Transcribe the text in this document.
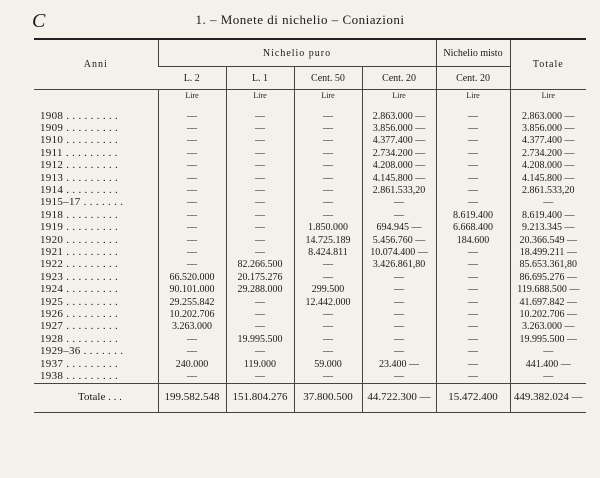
C	1. – Monete di nichelio – Coniazioni
Anni	Nichelio puro				Nichelio misto	Totale
	L. 2	L. 1	Cent. 50	Cent. 20	Cent. 20	
	Lire	Lire	Lire	Lire	Lire	Lire

1908 . . . . . . . . .	—	—	—	2.863.000 —	—	2.863.000 —
1909 . . . . . . . . .	—	—	—	3.856.000 —	—	3.856.000 —
1910 . . . . . . . . .	—	—	—	4.377.400 —	—	4.377.400 —
1911 . . . . . . . . .	—	—	—	2.734.200 —	—	2.734.200 —
1912 . . . . . . . . .	—	—	—	4.208.000 —	—	4.208.000 —
1913 . . . . . . . . .	—	—	—	4.145.800 —	—	4.145.800 —
1914 . . . . . . . . .	—	—	—	2.861.533,20	—	2.861.533,20
1915–17 . . . . . . .	—	—	—	—	—	—
1918 . . . . . . . . .	—	—	—	—	8.619.400	8.619.400 —
1919 . . . . . . . . .	—	—	1.850.000	694.945 —	6.668.400	9.213.345 —
1920 . . . . . . . . .	—	—	14.725.189	5.456.760 —	184.600	20.366.549 —
1921 . . . . . . . . .	—	—	8.424.811	10.074.400 —	—	18.499.211 —
1922 . . . . . . . . .	—	82.266.500	—	3.426.861,80	—	85.653.361,80
1923 . . . . . . . . .	66.520.000	20.175.276	—	—	—	86.695.276 —
1924 . . . . . . . . .	90.101.000	29.288.000	299.500	—	—	119.688.500 —
1925 . . . . . . . . .	29.255.842	—	12.442.000	—	—	41.697.842 —
1926 . . . . . . . . .	10.202.706	—	—	—	—	10.202.706 —
1927 . . . . . . . . .	3.263.000	—	—	—	—	3.263.000 —
1928 . . . . . . . . .	—	19.995.500	—	—	—	19.995.500 —
1929–36 . . . . . . .	—	—	—	—	—	—
1937 . . . . . . . . .	240.000	119.000	59.000	23.400 —	—	441.400 —
1938 . . . . . . . . .	—	—	—	—	—	—
Totale . . .	199.582.548	151.804.276	37.800.500	44.722.300 —	15.472.400	449.382.024 —
